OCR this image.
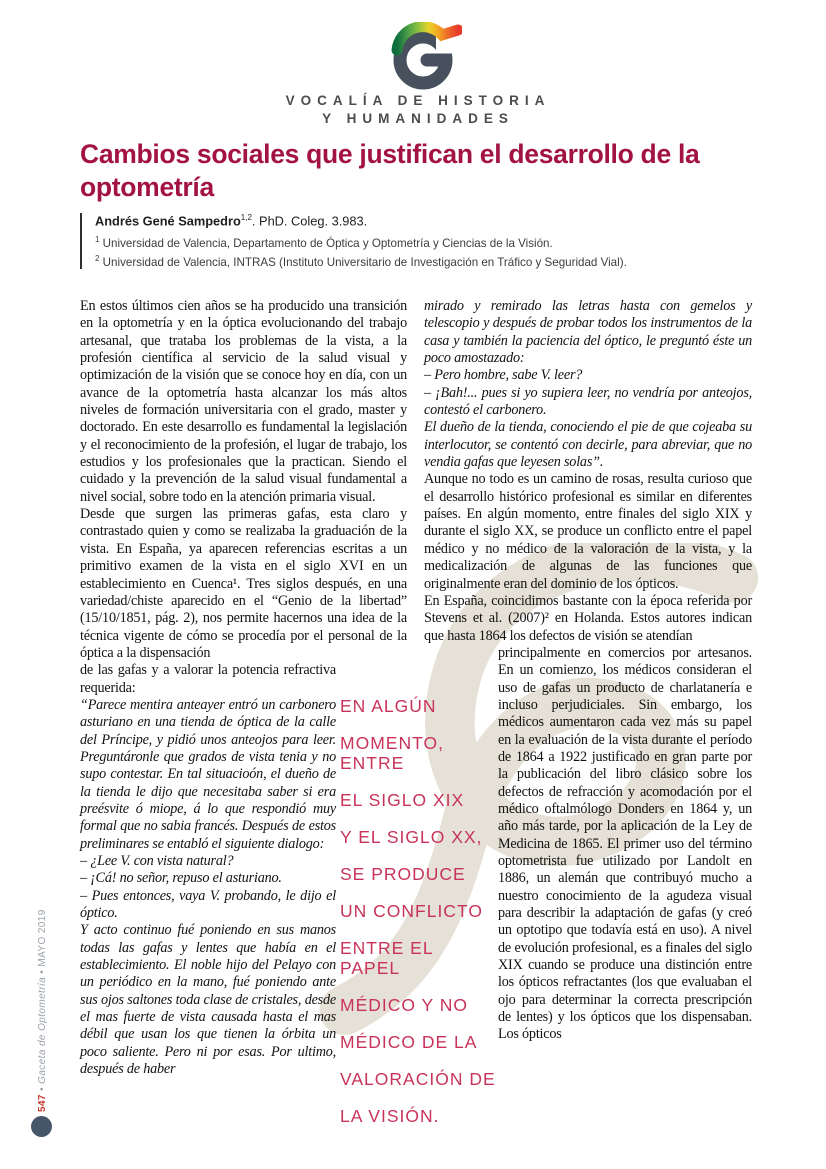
VOCALÍA DE HISTORIA
Y HUMANIDADES
Cambios sociales que justifican el desarrollo de la
optometría
Andrés Gené Sampedro$^{1,2}$. PhD. Coleg. 3.983.
$^1$ Universidad de Valencia, Departamento de Óptica y Optometría y Ciencias de la Visión.
$^2$ Universidad de Valencia, INTRAS (Instituto Universitario de Investigación en Tráfico y Seguridad Vial).

En estos últimos cien años se ha producido una transición en la optometría y en la óptica evolucionando del trabajo artesanal, que trataba los problemas de la vista, a la profesión científica al servicio de la salud visual y optimización de la visión que se conoce hoy en día, con un avance de la optometría hasta alcanzar los más altos niveles de formación universitaria con el grado, master y doctorado. En este desarrollo es fundamental la legislación y el reconocimiento de la profesión, el lugar de trabajo, los estudios y los profesionales que la practican. Siendo el cuidado y la prevención de la salud visual fundamental a nivel social, sobre todo en la atención primaria visual.

Desde que surgen las primeras gafas, esta claro y contrastado quien y como se realizaba la graduación de la vista. En España, ya aparecen referencias escritas a un primitivo examen de la vista en el siglo XVI en un establecimiento en Cuenca¹. Tres siglos después, en una variedad/chiste aparecido en el “Genio de la libertad” (15/10/1851, pág. 2), nos permite hacernos una idea de la técnica vigente de cómo se procedía por el personal de la óptica a la dispensación

de las gafas y a valorar la potencia refractiva requerida:

“Parece mentira anteayer entró un carbonero asturiano en una tienda de óptica de la calle del Príncipe, y pidió unos anteojos para leer. Preguntáronle que grados de vista tenia y no supo contestar. En tal situacioón, el dueño de la tienda le dijo que necesitaba saber si era preésvite ó miope, á lo que respondió muy formal que no sabia francés. Después de estos preliminares se entabló el siguiente dialogo:

– ¿Lee V. con vista natural?

– ¡Cá! no señor, repuso el asturiano.

– Pues entonces, vaya V. probando, le dijo el óptico.

Y acto continuo fué poniendo en sus manos todas las gafas y lentes que había en el establecimiento. El noble hijo del Pelayo con un periódico en la mano, fué poniendo ante sus ojos saltones toda clase de cristales, desde el mas fuerte de vista causada hasta el mas débil que usan los que tienen la órbita un poco saliente. Pero ni por esas. Por ultimo, después de haber

mirado y remirado las letras hasta con gemelos y telescopio y después de probar todos los instrumentos de la casa y también la paciencia del óptico, le preguntó éste un poco amostazado:

– Pero hombre, sabe V. leer?

– ¡Bah!... pues si yo supiera leer, no vendría por anteojos, contestó el carbonero.

El dueño de la tienda, conociendo el pie de que cojeaba su interlocutor, se contentó con decirle, para abreviar, que no vendia gafas que leyesen solas”.

Aunque no todo es un camino de rosas, resulta curioso que el desarrollo histórico profesional es similar en diferentes países. En algún momento, entre finales del siglo XIX y durante el siglo XX, se produce un conflicto entre el papel médico y no médico de la valoración de la vista, y la medicalización de algunas de las funciones que originalmente eran del dominio de los ópticos.

En España, coincidimos bastante con la época referida por Stevens et al. (2007)² en Holanda. Estos autores indican que hasta 1864 los defectos de visión se atendían

principalmente en comercios por artesanos. En un comienzo, los médicos consideran el uso de gafas un producto de charlatanería e incluso perjudiciales. Sin embargo, los médicos aumentaron cada vez más su papel en la evaluación de la vista durante el período de 1864 a 1922 justificado en gran parte por la publicación del libro clásico sobre los defectos de refracción y acomodación por el médico oftalmólogo Donders en 1864 y, un año más tarde, por la aplicación de la Ley de Medicina de 1865. El primer uso del término optometrista fue utilizado por Landolt en 1886, un alemán que contribuyó mucho a nuestro conocimiento de la agudeza visual para describir la adaptación de gafas (y creó un optotipo que todavía está en uso). A nivel de evolución profesional, es a finales del siglo XIX cuando se produce una distinción entre los ópticos refractantes (los que evaluaban el ojo para determinar la correcta prescripción de lentes) y los ópticos que los dispensaban. Los ópticos

EN ALGÚN
MOMENTO, ENTRE
EL SIGLO XIX
Y EL SIGLO XX,
SE PRODUCE
UN CONFLICTO
ENTRE EL PAPEL
MÉDICO Y NO
MÉDICO DE LA
VALORACIÓN DE
LA VISIÓN.
547 • Gaceta de Optometría • MAYO 2019
